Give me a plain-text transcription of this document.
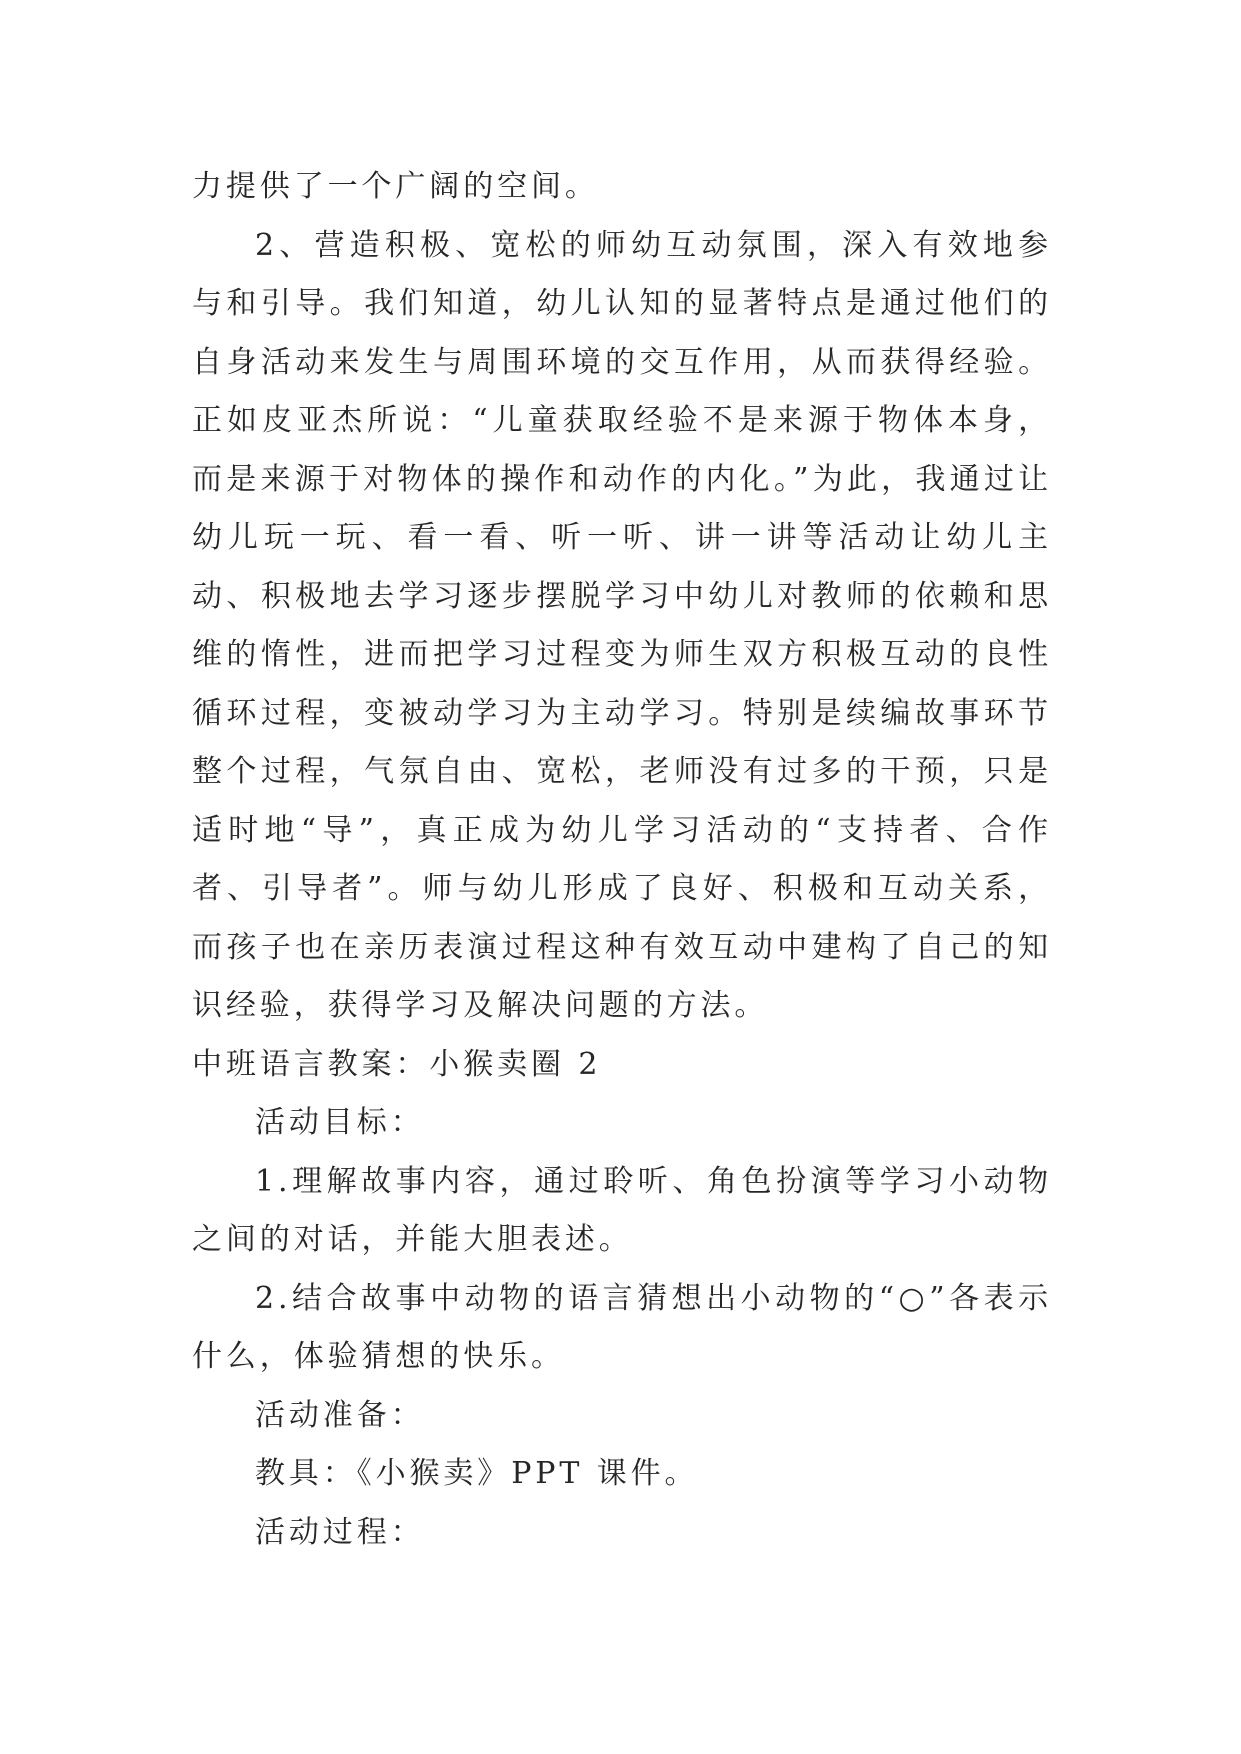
力提供了一个广阔的空间。

2、营造积极、宽松的师幼互动氛围，深入有效地参与和引导。我们知道，幼儿认知的显著特点是通过他们的自身活动来发生与周围环境的交互作用，从而获得经验。正如皮亚杰所说：“儿童获取经验不是来源于物体本身，而是来源于对物体的操作和动作的内化。”为此，我通过让幼儿玩一玩、看一看、听一听、讲一讲等活动让幼儿主动、积极地去学习逐步摆脱学习中幼儿对教师的依赖和思维的惰性，进而把学习过程变为师生双方积极互动的良性循环过程，变被动学习为主动学习。特别是续编故事环节整个过程，气氛自由、宽松，老师没有过多的干预，只是适时地“导”，真正成为幼儿学习活动的“支持者、合作者、引导者”。师与幼儿形成了良好、积极和互动关系，而孩子也在亲历表演过程这种有效互动中建构了自己的知识经验，获得学习及解决问题的方法。

中班语言教案：小猴卖圈 2

活动目标：

1.理解故事内容，通过聆听、角色扮演等学习小动物之间的对话，并能大胆表述。

2.结合故事中动物的语言猜想出小动物的“○”各表示什么，体验猜想的快乐。

活动准备：

教具：《小猴卖》PPT 课件。

活动过程：
